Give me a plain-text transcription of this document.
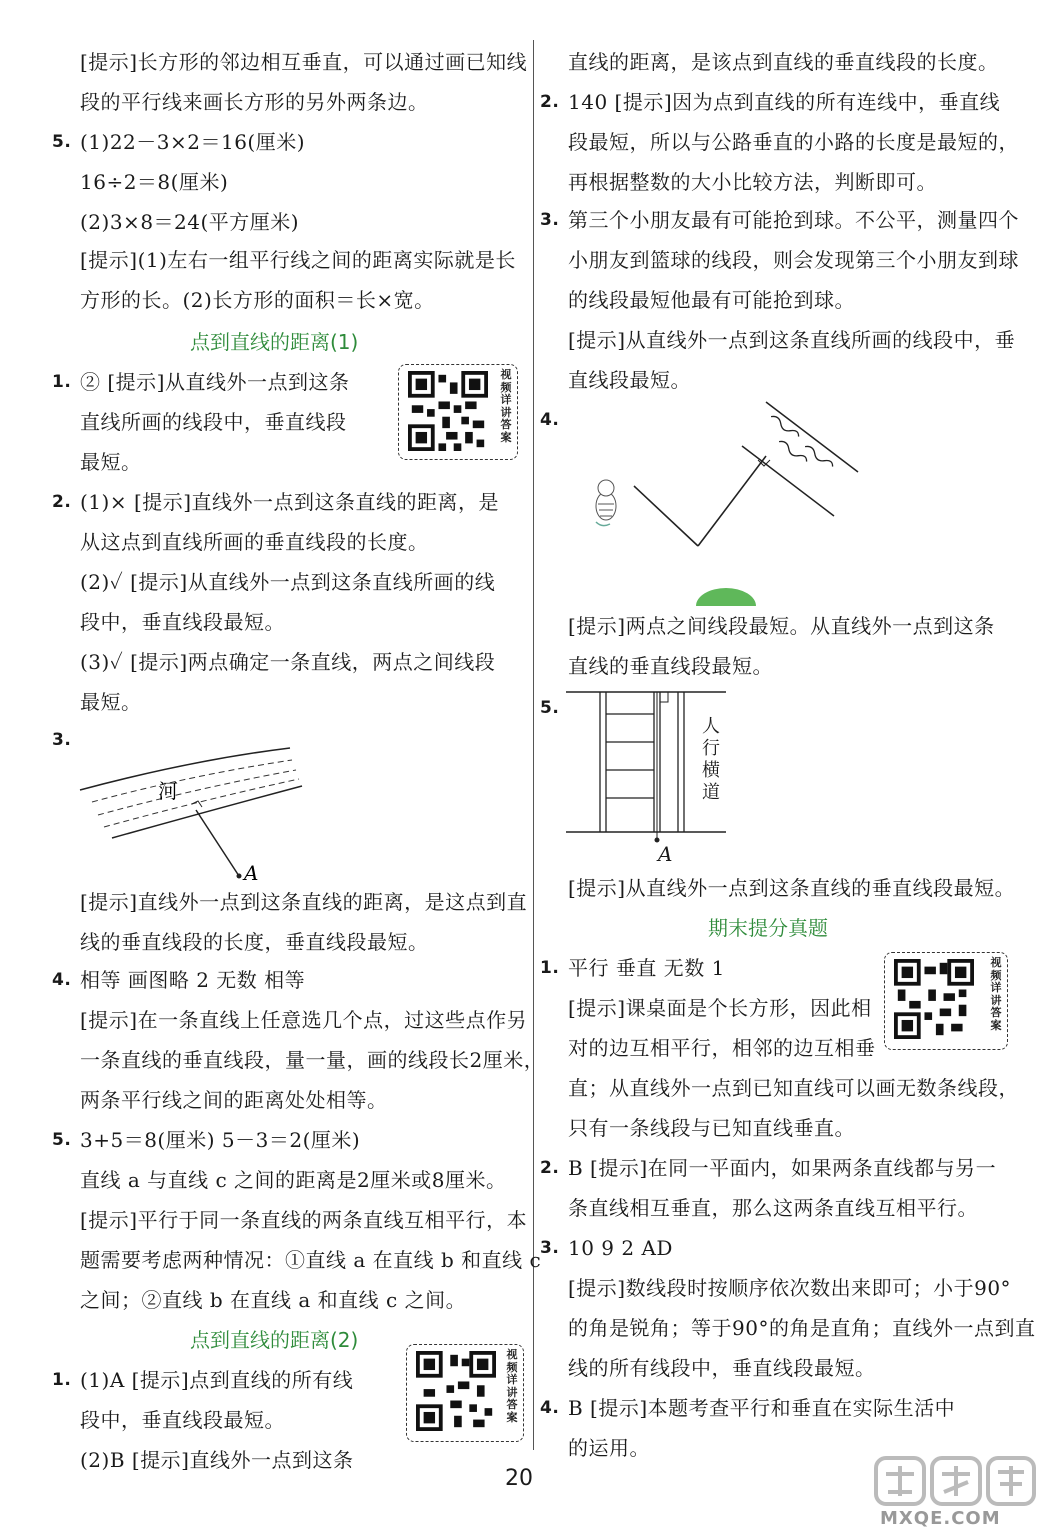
[提示]长方形的邻边相互垂直，可以通过画已知线
段的平行线来画长方形的另外两条边。
5. (1)22－3×2＝16(厘米)
16÷2＝8(厘米)
(2)3×8＝24(平方厘米)
[提示](1)左右一组平行线之间的距离实际就是长
方形的长。(2)长方形的面积＝长×宽。
点到直线的距离(1)
1. ② [提示]从直线外一点到这条
直线所画的线段中，垂直线段
最短。
视频详讲答案
2. (1)× [提示]直线外一点到这条直线的距离，是
从这点到直线所画的垂直线段的长度。
(2)✓ [提示]从直线外一点到这条直线所画的线
段中，垂直线段最短。
(3)✓ [提示]两点确定一条直线，两点之间线段
最短。
3.
河
A
[提示]直线外一点到这条直线的距离，是这点到直
线的垂直线段的长度，垂直线段最短。
4. 相等 画图略 2 无数 相等
[提示]在一条直线上任意选几个点，过这些点作另
一条直线的垂直线段，量一量，画的线段长2厘米，
两条平行线之间的距离处处相等。
5. 3+5＝8(厘米) 5－3＝2(厘米)
直线 a 与直线 c 之间的距离是2厘米或8厘米。
[提示]平行于同一条直线的两条直线互相平行，本
题需要考虑两种情况：①直线 a 在直线 b 和直线 c
之间；②直线 b 在直线 a 和直线 c 之间。
点到直线的距离(2)
1. (1)A [提示]点到直线的所有线
段中，垂直线段最短。
(2)B [提示]直线外一点到这条
视频详讲答案
直线的距离，是该点到直线的垂直线段的长度。
2. 140 [提示]因为点到直线的所有连线中，垂直线
段最短，所以与公路垂直的小路的长度是最短的，
再根据整数的大小比较方法，判断即可。
3. 第三个小朋友最有可能抢到球。不公平，测量四个
小朋友到篮球的线段，则会发现第三个小朋友到球
的线段最短他最有可能抢到球。
[提示]从直线外一点到这条直线所画的线段中，垂
直线段最短。
4.
[提示]两点之间线段最短。从直线外一点到这条
直线的垂直线段最短。
5.
人行横道
A
[提示]从直线外一点到这条直线的垂直线段最短。
期末提分真题
1. 平行 垂直 无数 1
[提示]课桌面是个长方形，因此相
对的边互相平行，相邻的边互相垂
直；从直线外一点到已知直线可以画无数条线段，
只有一条线段与已知直线垂直。
视频详讲答案
2. B [提示]在同一平面内，如果两条直线都与另一
条直线相互垂直，那么这两条直线互相平行。
3. 10 9 2 AD
[提示]数线段时按顺序依次数出来即可；小于90°
的角是锐角；等于90°的角是直角；直线外一点到直
线的所有线段中，垂直线段最短。
4. B [提示]本题考查平行和垂直在实际生活中
的运用。
20
MXQE.COM
